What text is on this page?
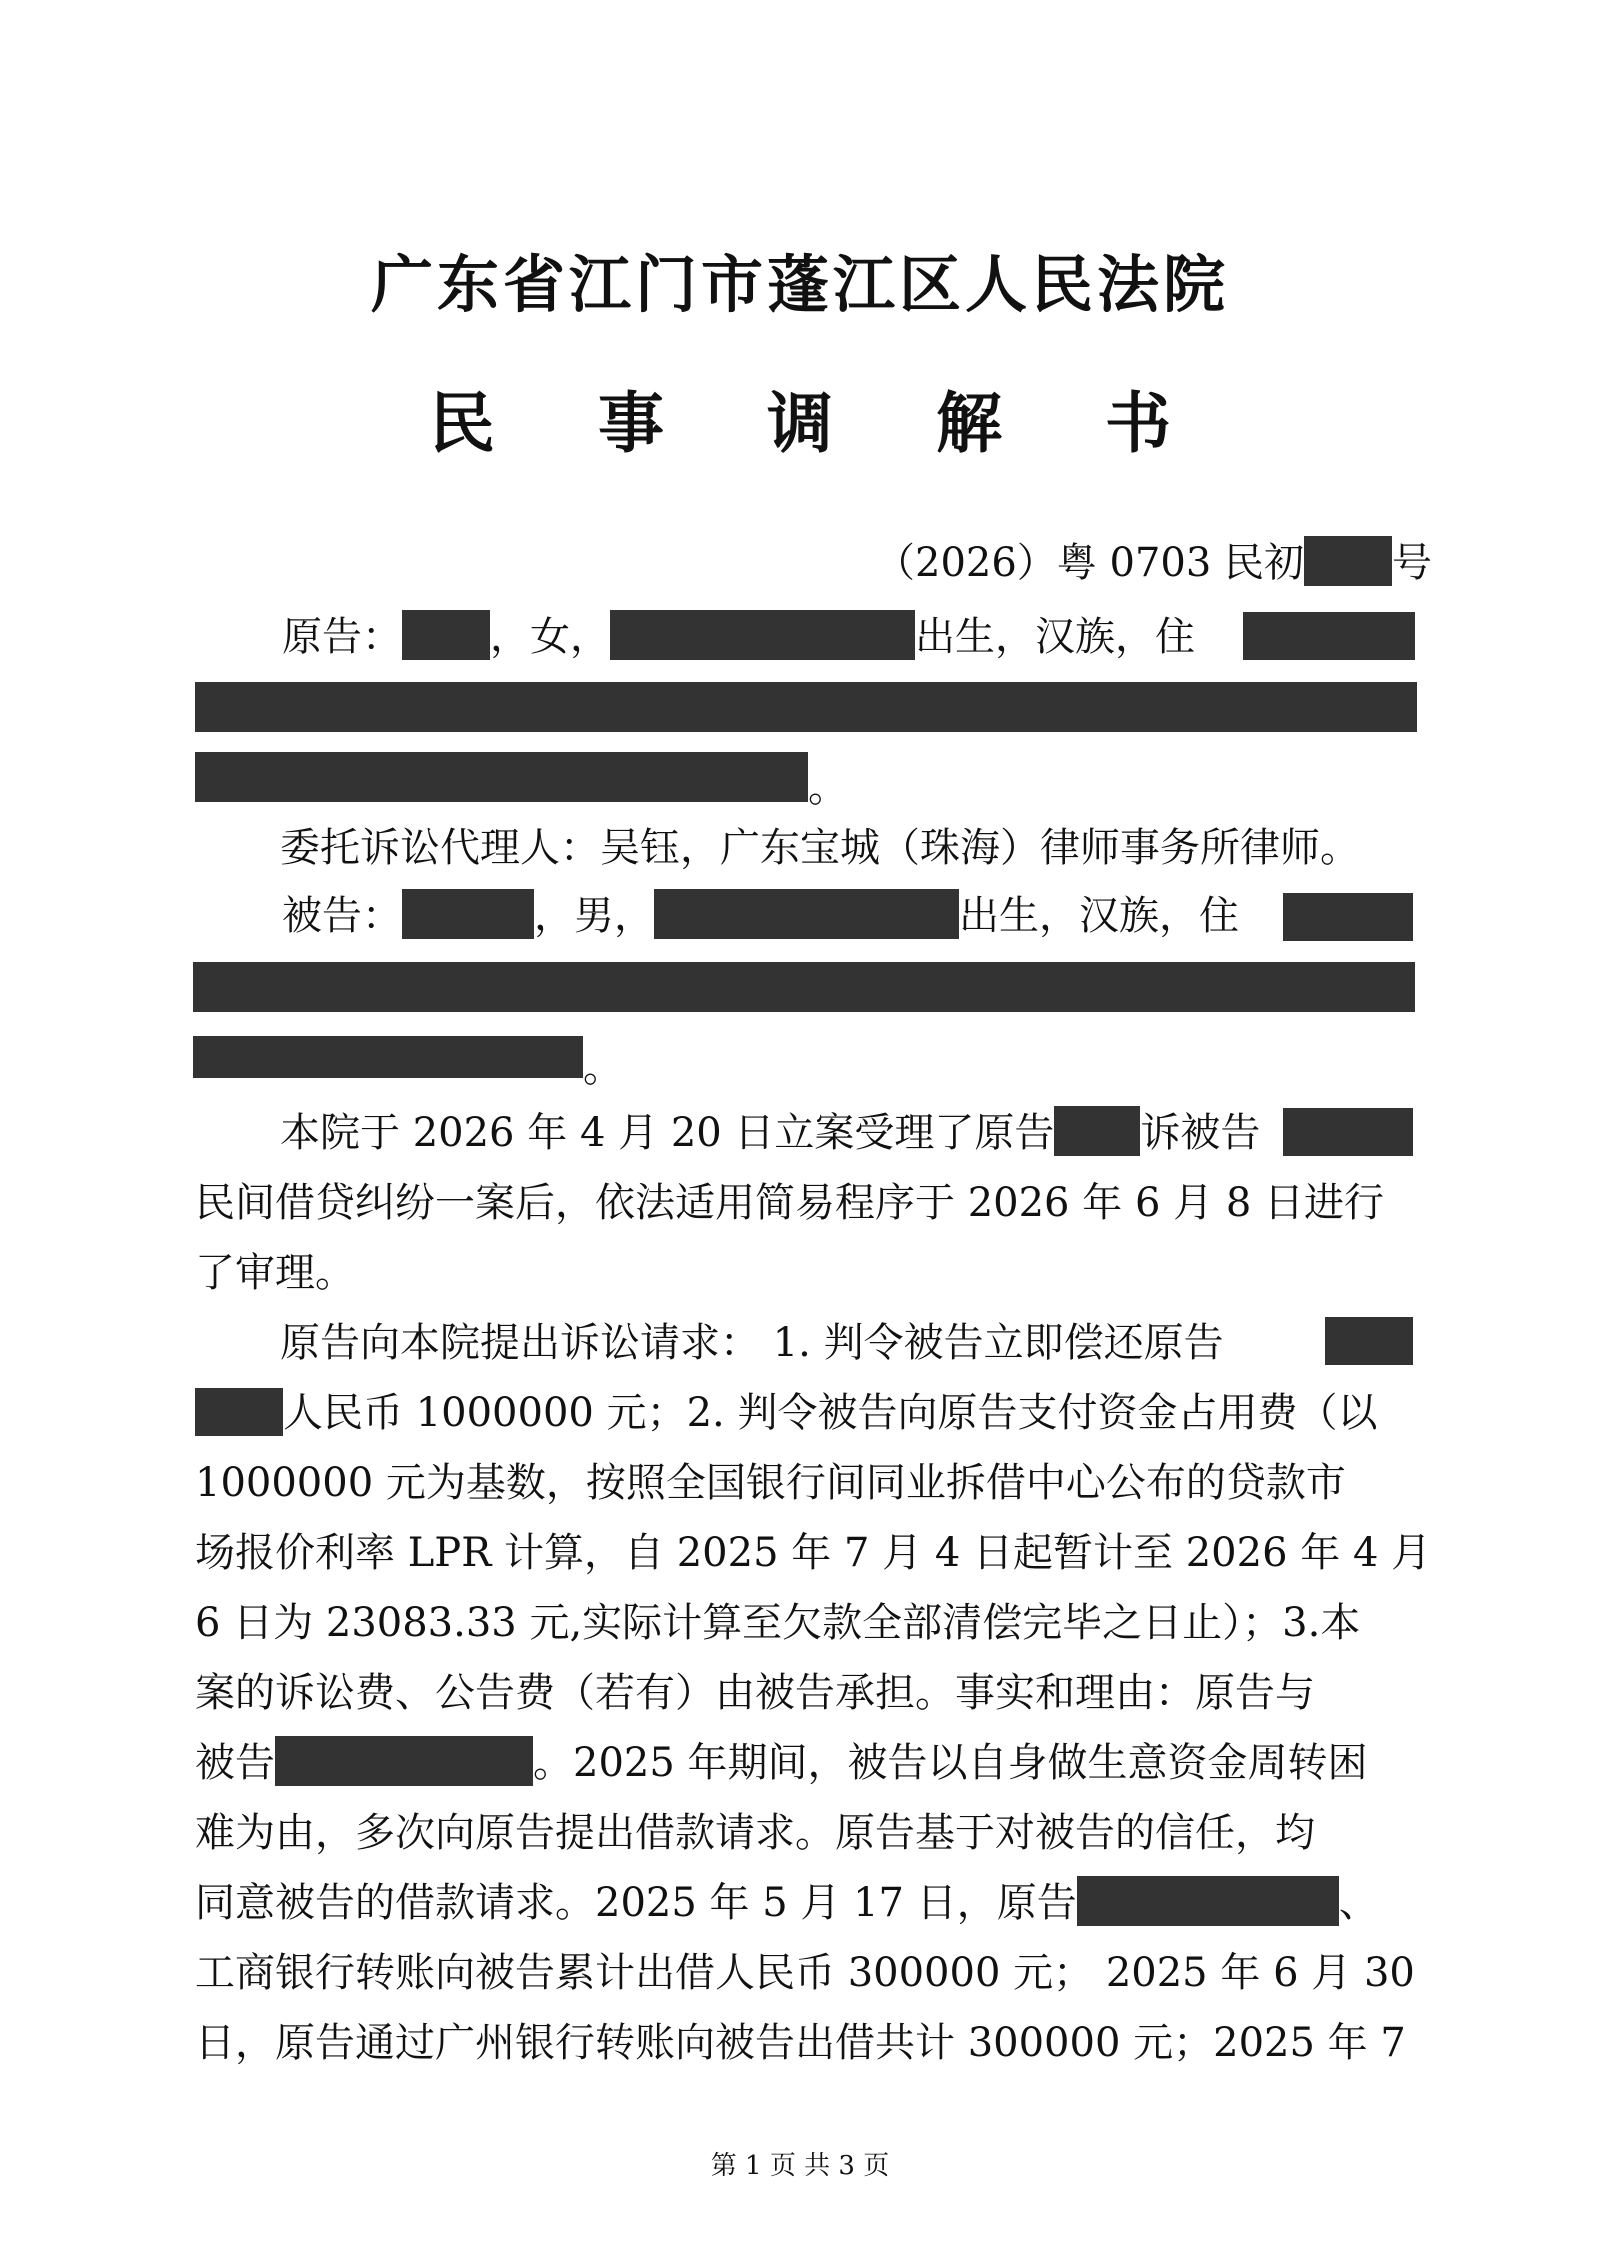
广东省江门市蓬江区人民法院
民 事 调 解 书
（2026）粤 0703 民初 号
原告： ，女，	出生，汉族，住
。
委托诉讼代理人：吴钰，广东宝城（珠海）律师事务所律师。
被告：	，男，	出生，汉族，住
。
本院于 2026 年 4 月 20 日立案受理了原告 诉被告
民间借贷纠纷一案后，依法适用简易程序于 2026 年 6 月 8 日进行
了审理。
原告向本院提出诉讼请求： 1. 判令被告立即偿还原告
人民币 1000000 元；2. 判令被告向原告支付资金占用费（以
1000000 元为基数，按照全国银行间同业拆借中心公布的贷款市
场报价利率 LPR 计算，自 2025 年 7 月 4 日起暂计至 2026 年 4 月
6 日为 23083.33 元,实际计算至欠款全部清偿完毕之日止）；3.本
案的诉讼费、公告费（若有）由被告承担。事实和理由：原告与
被告	。2025 年期间，被告以自身做生意资金周转困
难为由，多次向原告提出借款请求。原告基于对被告的信任，均
同意被告的借款请求。2025 年 5 月 17 日，原告	、
工商银行转账向被告累计出借人民币 300000 元； 2025 年 6 月 30
日，原告通过广州银行转账向被告出借共计 300000 元；2025 年 7
第 1 页 共 3 页
